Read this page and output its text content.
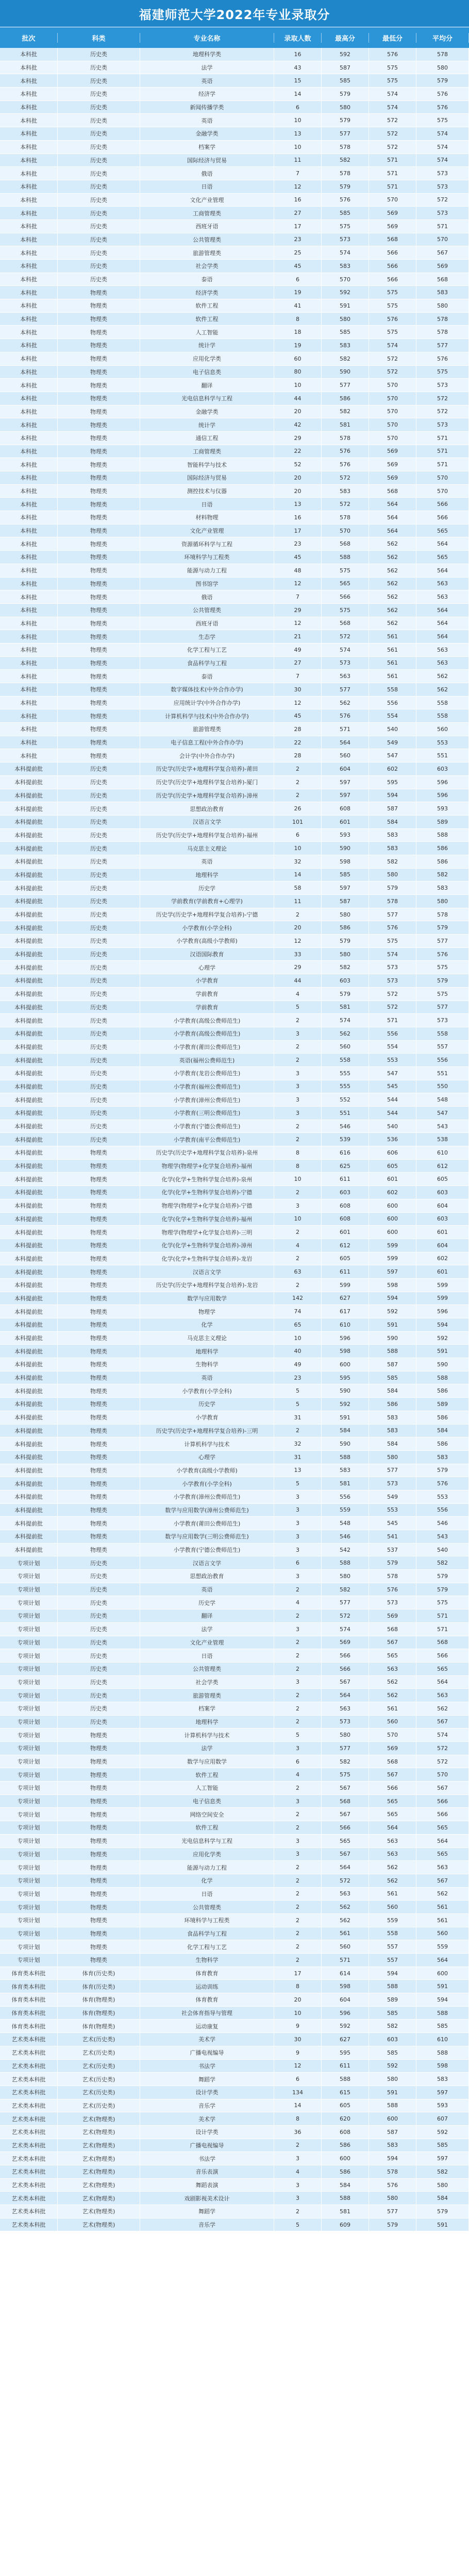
福建师范大学2022年专业录取分
批次	科类	专业名称	录取人数	最高分	最低分	平均分
本科批	历史类	地理科学类	16	592	576	578
本科批	历史类	法学	43	587	575	580
本科批	历史类	英语	15	585	575	579
本科批	历史类	经济学	14	579	574	576
本科批	历史类	新闻传播学类	6	580	574	576
本科批	历史类	英语	10	579	572	575
本科批	历史类	金融学类	13	577	572	574
本科批	历史类	档案学	10	578	572	574
本科批	历史类	国际经济与贸易	11	582	571	574
本科批	历史类	俄语	7	578	571	573
本科批	历史类	日语	12	579	571	573
本科批	历史类	文化产业管理	16	576	570	572
本科批	历史类	工商管理类	27	585	569	573
本科批	历史类	西班牙语	17	575	569	571
本科批	历史类	公共管理类	23	573	568	570
本科批	历史类	旅游管理类	25	574	566	567
本科批	历史类	社会学类	45	583	566	569
本科批	历史类	泰语	6	570	566	568
本科批	物理类	经济学类	19	592	575	583
本科批	物理类	软件工程	41	591	575	580
本科批	物理类	软件工程	8	580	576	578
本科批	物理类	人工智能	18	585	575	578
本科批	物理类	统计学	19	583	574	577
本科批	物理类	应用化学类	60	582	572	576
本科批	物理类	电子信息类	80	590	572	575
本科批	物理类	翻译	10	577	570	573
本科批	物理类	光电信息科学与工程	44	586	570	572
本科批	物理类	金融学类	20	582	570	572
本科批	物理类	统计学	42	581	570	573
本科批	物理类	通信工程	29	578	570	571
本科批	物理类	工商管理类	22	576	569	571
本科批	物理类	智能科学与技术	52	576	569	571
本科批	物理类	国际经济与贸易	20	572	569	570
本科批	物理类	测控技术与仪器	20	583	568	570
本科批	物理类	日语	13	572	564	566
本科批	物理类	材料物理	16	578	564	566
本科批	物理类	文化产业管理	17	570	564	565
本科批	物理类	资源循环科学与工程	23	568	562	564
本科批	物理类	环境科学与工程类	45	588	562	565
本科批	物理类	能源与动力工程	48	575	562	564
本科批	物理类	图书馆学	12	565	562	563
本科批	物理类	俄语	7	566	562	563
本科批	物理类	公共管理类	29	575	562	564
本科批	物理类	西班牙语	12	568	562	564
本科批	物理类	生态学	21	572	561	564
本科批	物理类	化学工程与工艺	49	574	561	563
本科批	物理类	食品科学与工程	27	573	561	563
本科批	物理类	泰语	7	563	561	562
本科批	物理类	数字媒体技术(中外合作办学)	30	577	558	562
本科批	物理类	应用统计学(中外合作办学)	12	562	556	558
本科批	物理类	计算机科学与技术(中外合作办学)	45	576	554	558
本科批	物理类	旅游管理类	28	571	540	560
本科批	物理类	电子信息工程(中外合作办学)	22	564	549	553
本科批	物理类	会计学(中外合作办学)	28	560	547	551
本科提前批	历史类	历史学(历史学+地理科学复合培养)-莆田	2	604	602	603
本科提前批	历史类	历史学(历史学+地理科学复合培养)-厦门	2	597	595	596
本科提前批	历史类	历史学(历史学+地理科学复合培养)-漳州	2	597	594	596
本科提前批	历史类	思想政治教育	26	608	587	593
本科提前批	历史类	汉语言文学	101	601	584	589
本科提前批	历史类	历史学(历史学+地理科学复合培养)-福州	6	593	583	588
本科提前批	历史类	马克思主义理论	10	590	583	586
本科提前批	历史类	英语	32	598	582	586
本科提前批	历史类	地理科学	14	585	580	582
本科提前批	历史类	历史学	58	597	579	583
本科提前批	历史类	学前教育(学前教育+心理学)	11	587	578	580
本科提前批	历史类	历史学(历史学+地理科学复合培养)-宁德	2	580	577	578
本科提前批	历史类	小学教育(小学全科)	20	586	576	579
本科提前批	历史类	小学教育(高级小学教师)	12	579	575	577
本科提前批	历史类	汉语国际教育	33	580	574	576
本科提前批	历史类	心理学	29	582	573	575
本科提前批	历史类	小学教育	44	603	573	579
本科提前批	历史类	学前教育	4	579	572	575
本科提前批	历史类	学前教育	5	581	572	577
本科提前批	历史类	小学教育(高级公费师范生)	2	574	571	573
本科提前批	历史类	小学教育(高级公费师范生)	3	562	556	558
本科提前批	历史类	小学教育(莆田公费师范生)	2	560	554	557
本科提前批	历史类	英语(福州公费师范生)	2	558	553	556
本科提前批	历史类	小学教育(龙岩公费师范生)	3	555	547	551
本科提前批	历史类	小学教育(福州公费师范生)	3	555	545	550
本科提前批	历史类	小学教育(漳州公费师范生)	3	552	544	548
本科提前批	历史类	小学教育(三明公费师范生)	3	551	544	547
本科提前批	历史类	小学教育(宁德公费师范生)	2	546	540	543
本科提前批	历史类	小学教育(南平公费师范生)	2	539	536	538
本科提前批	物理类	历史学(历史学+地理科学复合培养)-泉州	8	616	606	610
本科提前批	物理类	物理学(物理学+化学复合培养)-福州	8	625	605	612
本科提前批	物理类	化学(化学+生物科学复合培养)-泉州	10	611	601	605
本科提前批	物理类	化学(化学+生物科学复合培养)-宁德	2	603	602	603
本科提前批	物理类	物理学(物理学+化学复合培养)-宁德	3	608	600	604
本科提前批	物理类	化学(化学+生物科学复合培养)-福州	10	608	600	603
本科提前批	物理类	物理学(物理学+化学复合培养)-三明	2	601	600	601
本科提前批	物理类	化学(化学+生物科学复合培养)-漳州	4	612	599	604
本科提前批	物理类	化学(化学+生物科学复合培养)-龙岩	2	605	599	602
本科提前批	物理类	汉语言文学	63	611	597	601
本科提前批	物理类	历史学(历史学+地理科学复合培养)-龙岩	2	599	598	599
本科提前批	物理类	数学与应用数学	142	627	594	599
本科提前批	物理类	物理学	74	617	592	596
本科提前批	物理类	化学	65	610	591	594
本科提前批	物理类	马克思主义理论	10	596	590	592
本科提前批	物理类	地理科学	40	598	588	591
本科提前批	物理类	生物科学	49	600	587	590
本科提前批	物理类	英语	23	595	585	588
本科提前批	物理类	小学教育(小学全科)	5	590	584	586
本科提前批	物理类	历史学	5	592	586	589
本科提前批	物理类	小学教育	31	591	583	586
本科提前批	物理类	历史学(历史学+地理科学复合培养)-三明	2	584	583	584
本科提前批	物理类	计算机科学与技术	32	590	584	586
本科提前批	物理类	心理学	31	588	580	583
本科提前批	物理类	小学教育(高级小学教师)	13	583	577	579
本科提前批	物理类	小学教育(小学全科)	5	581	573	576
本科提前批	物理类	小学教育(漳州公费师范生)	3	556	549	553
本科提前批	物理类	数学与应用数学(漳州公费师范生)	3	559	553	556
本科提前批	物理类	小学教育(莆田公费师范生)	3	548	545	546
本科提前批	物理类	数学与应用数学(三明公费师范生)	3	546	541	543
本科提前批	物理类	小学教育(宁德公费师范生)	3	542	537	540
专项计划	历史类	汉语言文学	6	588	579	582
专项计划	历史类	思想政治教育	3	580	578	579
专项计划	历史类	英语	2	582	576	579
专项计划	历史类	历史学	4	577	573	575
专项计划	历史类	翻译	2	572	569	571
专项计划	历史类	法学	3	574	568	571
专项计划	历史类	文化产业管理	2	569	567	568
专项计划	历史类	日语	2	566	565	566
专项计划	历史类	公共管理类	2	566	563	565
专项计划	历史类	社会学类	3	567	562	564
专项计划	历史类	旅游管理类	2	564	562	563
专项计划	历史类	档案学	2	563	561	562
专项计划	历史类	地理科学	2	573	560	567
专项计划	物理类	计算机科学与技术	5	580	570	574
专项计划	物理类	法学	3	577	569	572
专项计划	物理类	数学与应用数学	6	582	568	572
专项计划	物理类	软件工程	4	575	567	570
专项计划	物理类	人工智能	2	567	566	567
专项计划	物理类	电子信息类	3	568	565	566
专项计划	物理类	网络空间安全	2	567	565	566
专项计划	物理类	软件工程	2	566	564	565
专项计划	物理类	光电信息科学与工程	3	565	563	564
专项计划	物理类	应用化学类	3	567	563	565
专项计划	物理类	能源与动力工程	2	564	562	563
专项计划	物理类	化学	2	572	562	567
专项计划	物理类	日语	2	563	561	562
专项计划	物理类	公共管理类	2	562	560	561
专项计划	物理类	环境科学与工程类	2	562	559	561
专项计划	物理类	食品科学与工程	2	561	558	560
专项计划	物理类	化学工程与工艺	2	560	557	559
专项计划	物理类	生物科学	2	571	557	564
体育类本科批	体育(历史类)	体育教育	17	614	594	600
体育类本科批	体育(历史类)	运动训练	8	598	588	591
体育类本科批	体育(物理类)	体育教育	20	604	589	594
体育类本科批	体育(物理类)	社会体育指导与管理	10	596	585	588
体育类本科批	体育(物理类)	运动康复	9	592	582	585
艺术类本科批	艺术(历史类)	美术学	30	627	603	610
艺术类本科批	艺术(历史类)	广播电视编导	9	595	585	588
艺术类本科批	艺术(历史类)	书法学	12	611	592	598
艺术类本科批	艺术(历史类)	舞蹈学	6	588	580	583
艺术类本科批	艺术(历史类)	设计学类	134	615	591	597
艺术类本科批	艺术(历史类)	音乐学	14	605	588	593
艺术类本科批	艺术(物理类)	美术学	8	620	600	607
艺术类本科批	艺术(物理类)	设计学类	36	608	587	592
艺术类本科批	艺术(物理类)	广播电视编导	2	586	583	585
艺术类本科批	艺术(物理类)	书法学	3	600	594	597
艺术类本科批	艺术(物理类)	音乐表演	4	586	578	582
艺术类本科批	艺术(物理类)	舞蹈表演	3	584	576	580
艺术类本科批	艺术(物理类)	戏剧影视美术设计	3	588	580	584
艺术类本科批	艺术(物理类)	舞蹈学	2	581	577	579
艺术类本科批	艺术(物理类)	音乐学	5	609	579	591
